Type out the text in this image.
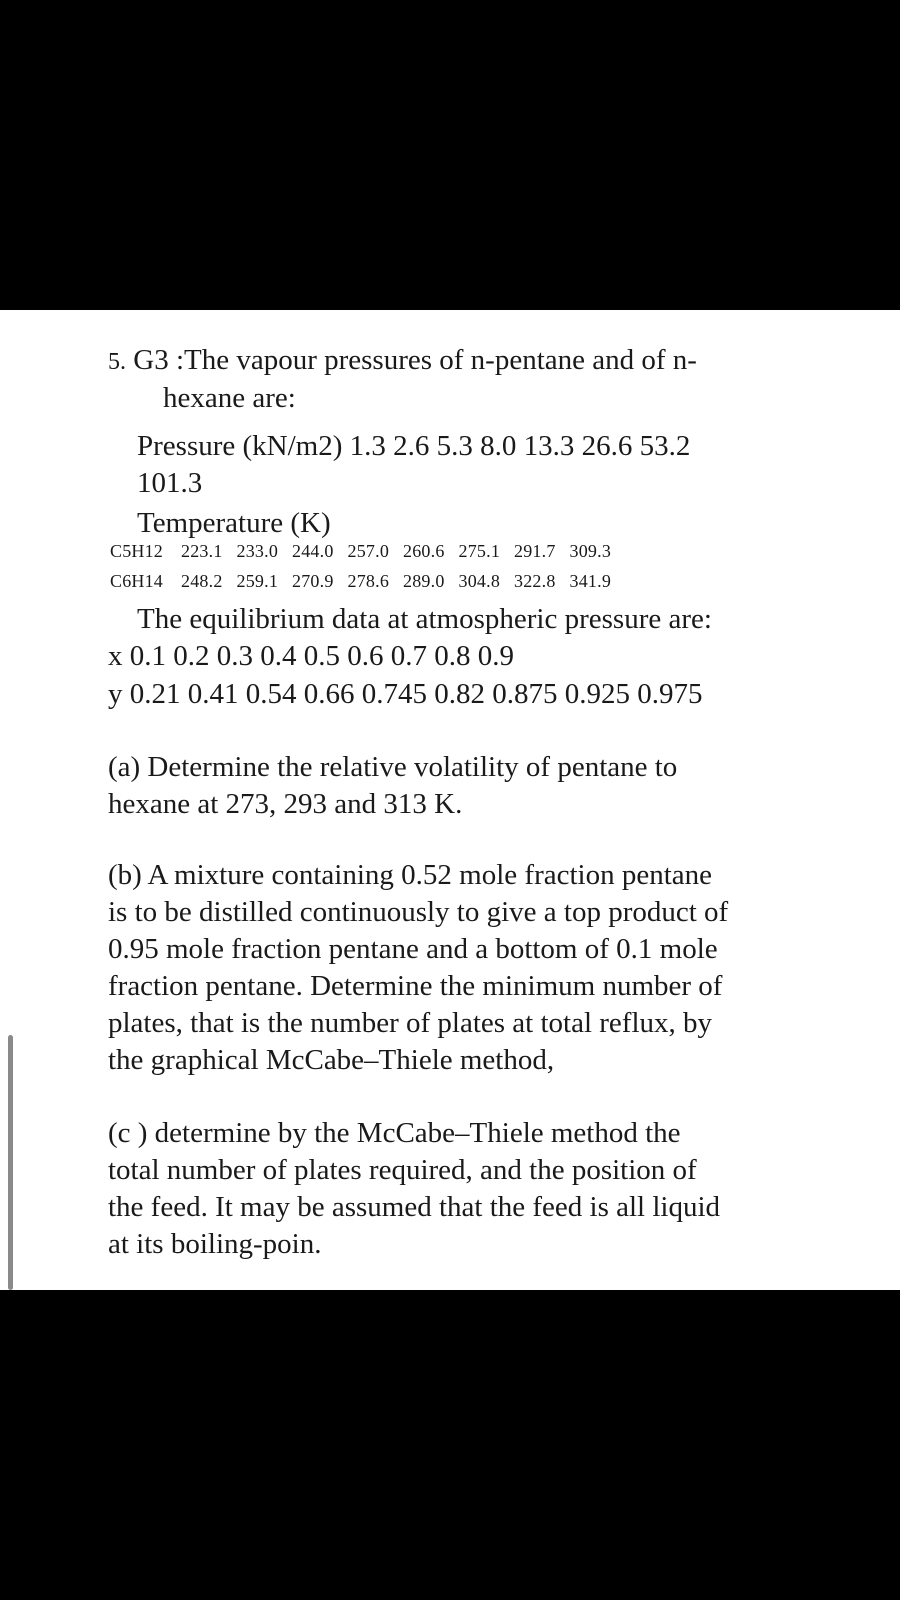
5. G3 :The vapour pressures of n-pentane and of n-
hexane are:
Pressure (kN/m2) 1.3 2.6 5.3 8.0 13.3 26.6 53.2
101.3
Temperature (K)
C5H12 223.1 233.0 244.0 257.0 260.6 275.1 291.7 309.3
C6H14 248.2 259.1 270.9 278.6 289.0 304.8 322.8 341.9
The equilibrium data at atmospheric pressure are:
x 0.1 0.2 0.3 0.4 0.5 0.6 0.7 0.8 0.9
y 0.21 0.41 0.54 0.66 0.745 0.82 0.875 0.925 0.975
(a) Determine the relative volatility of pentane to
hexane at 273, 293 and 313 K.
(b) A mixture containing 0.52 mole fraction pentane
is to be distilled continuously to give a top product of
0.95 mole fraction pentane and a bottom of 0.1 mole
fraction pentane. Determine the minimum number of
plates, that is the number of plates at total reflux, by
the graphical McCabe–Thiele method,
(c ) determine by the McCabe–Thiele method the
total number of plates required, and the position of
the feed. It may be assumed that the feed is all liquid
at its boiling-poin.
